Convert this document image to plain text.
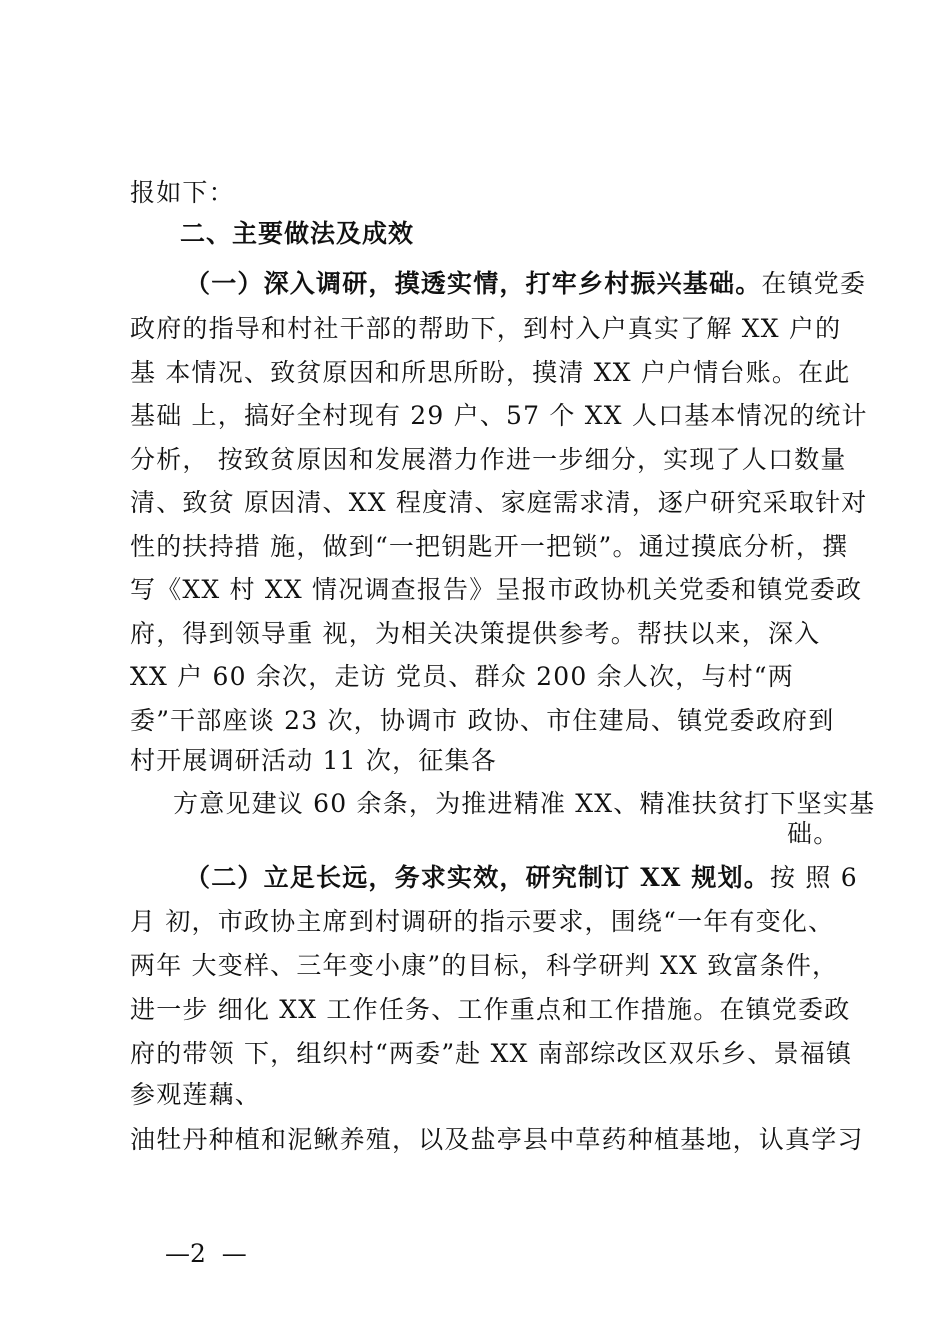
报如下：
二、主要做法及成效
（一）深入调研，摸透实情，打牢乡村振兴基础。在镇党委
政府的指导和村社干部的帮助下，到村入户真实了解 XX 户的
基 本情况、致贫原因和所思所盼，摸清 XX 户户情台账。在此
基础 上，搞好全村现有 29 户、57 个 XX 人口基本情况的统计
分析， 按致贫原因和发展潜力作进一步细分，实现了人口数量
清、致贫 原因清、XX 程度清、家庭需求清，逐户研究采取针对
性的扶持措 施，做到“一把钥匙开一把锁”。通过摸底分析，撰
写《XX 村 XX 情况调查报告》呈报市政协机关党委和镇党委政
府，得到领导重 视，为相关决策提供参考。帮扶以来，深入
XX 户 60 余次，走访 党员、群众 200 余人次，与村“两
委”干部座谈 23 次，协调市 政协、市住建局、镇党委政府到
村开展调研活动 11 次，征集各
方意见建议 60 余条，为推进精准 XX、精准扶贫打下坚实基
础。
（二）立足长远，务求实效，研究制订 XX 规划。按 照 6
月 初，市政协主席到村调研的指示要求，围绕“一年有变化、
两年 大变样、三年变小康”的目标，科学研判 XX 致富条件，
进一步 细化 XX 工作任务、工作重点和工作措施。在镇党委政
府的带领 下，组织村“两委”赴 XX 南部综改区双乐乡、景福镇
参观莲藕、
油牡丹种植和泥鳅养殖，以及盐亭县中草药种植基地，认真学习
—2  —
